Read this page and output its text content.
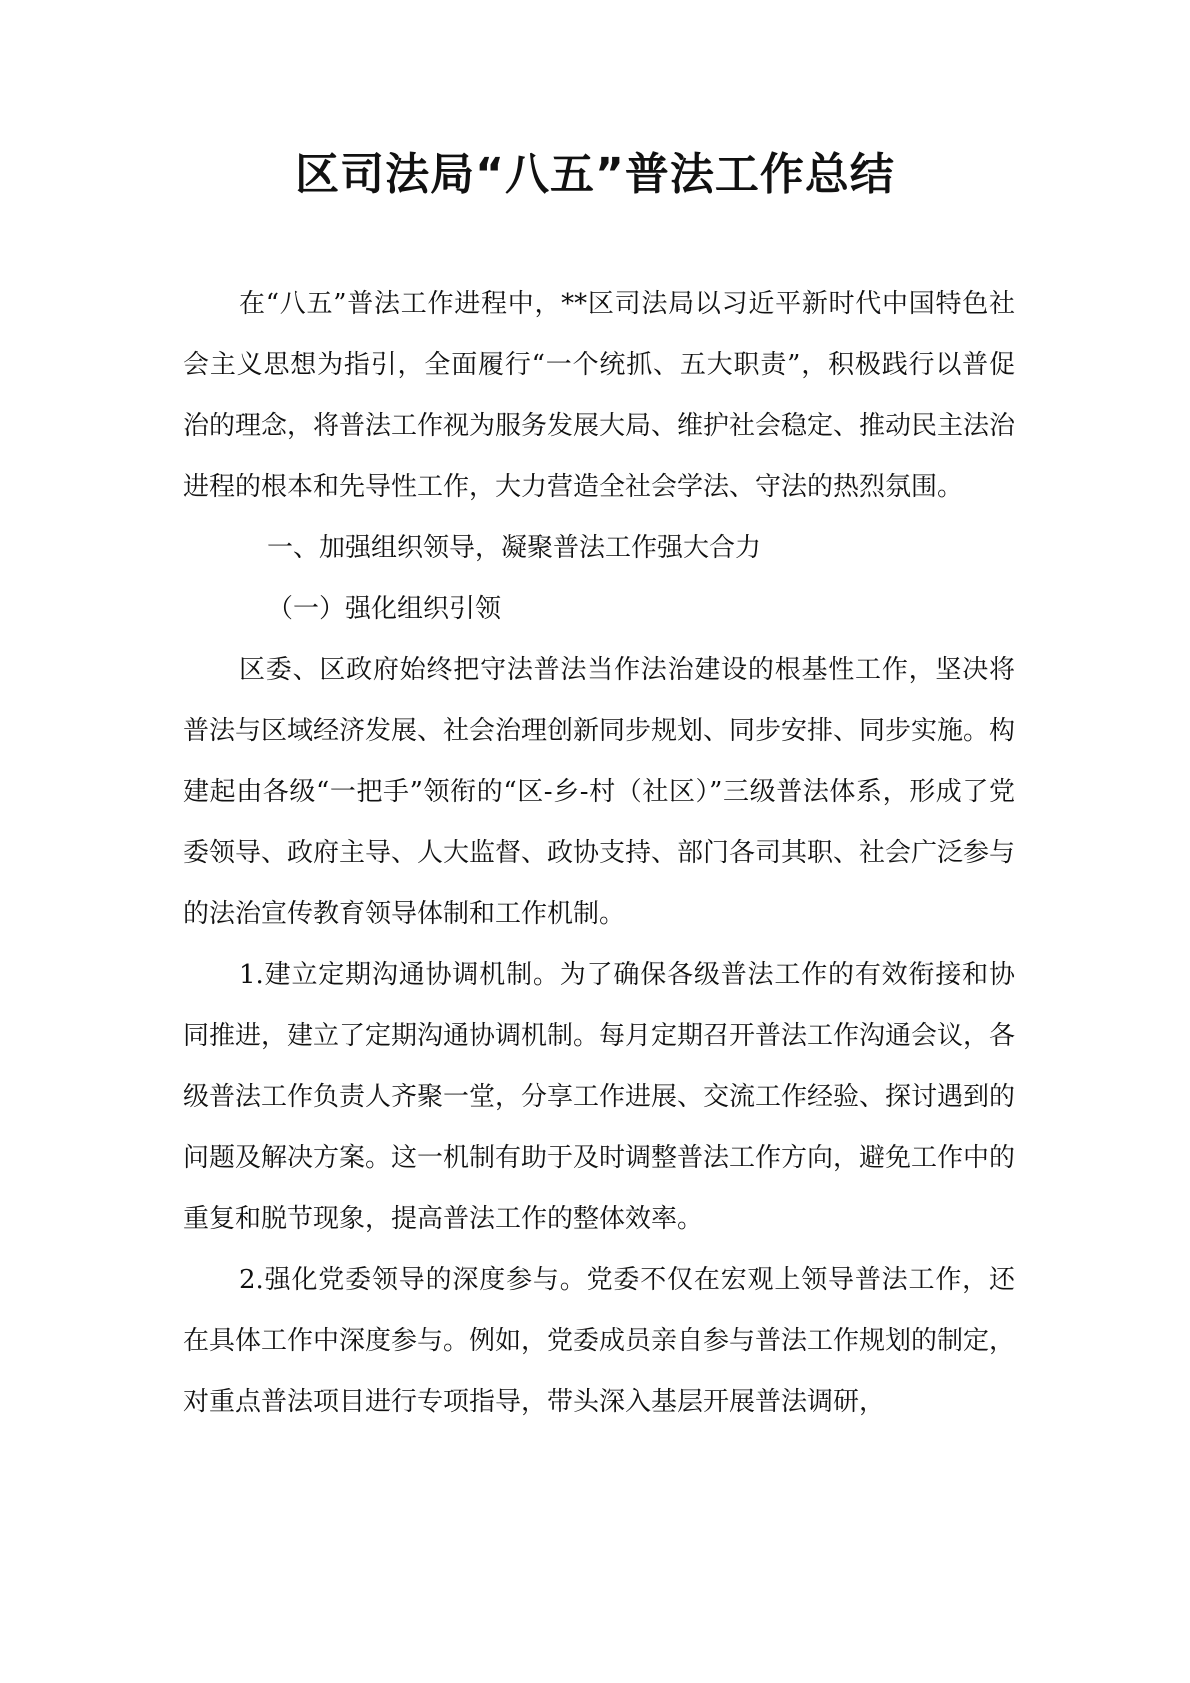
区司法局“八五”普法工作总结

在“八五”普法工作进程中，**区司法局以习近平新时代中国特色社会主义思想为指引，全面履行“一个统抓、五大职责”，积极践行以普促治的理念，将普法工作视为服务发展大局、维护社会稳定、推动民主法治进程的根本和先导性工作，大力营造全社会学法、守法的热烈氛围。

一、加强组织领导，凝聚普法工作强大合力

（一）强化组织引领

区委、区政府始终把守法普法当作法治建设的根基性工作，坚决将普法与区域经济发展、社会治理创新同步规划、同步安排、同步实施。构建起由各级“一把手”领衔的“区-乡-村（社区）”三级普法体系，形成了党委领导、政府主导、人大监督、政协支持、部门各司其职、社会广泛参与的法治宣传教育领导体制和工作机制。

1.建立定期沟通协调机制。为了确保各级普法工作的有效衔接和协同推进，建立了定期沟通协调机制。每月定期召开普法工作沟通会议，各级普法工作负责人齐聚一堂，分享工作进展、交流工作经验、探讨遇到的问题及解决方案。这一机制有助于及时调整普法工作方向，避免工作中的重复和脱节现象，提高普法工作的整体效率。

2.强化党委领导的深度参与。党委不仅在宏观上领导普法工作，还在具体工作中深度参与。例如，党委成员亲自参与普法工作规划的制定，对重点普法项目进行专项指导，带头深入基层开展普法调研，
